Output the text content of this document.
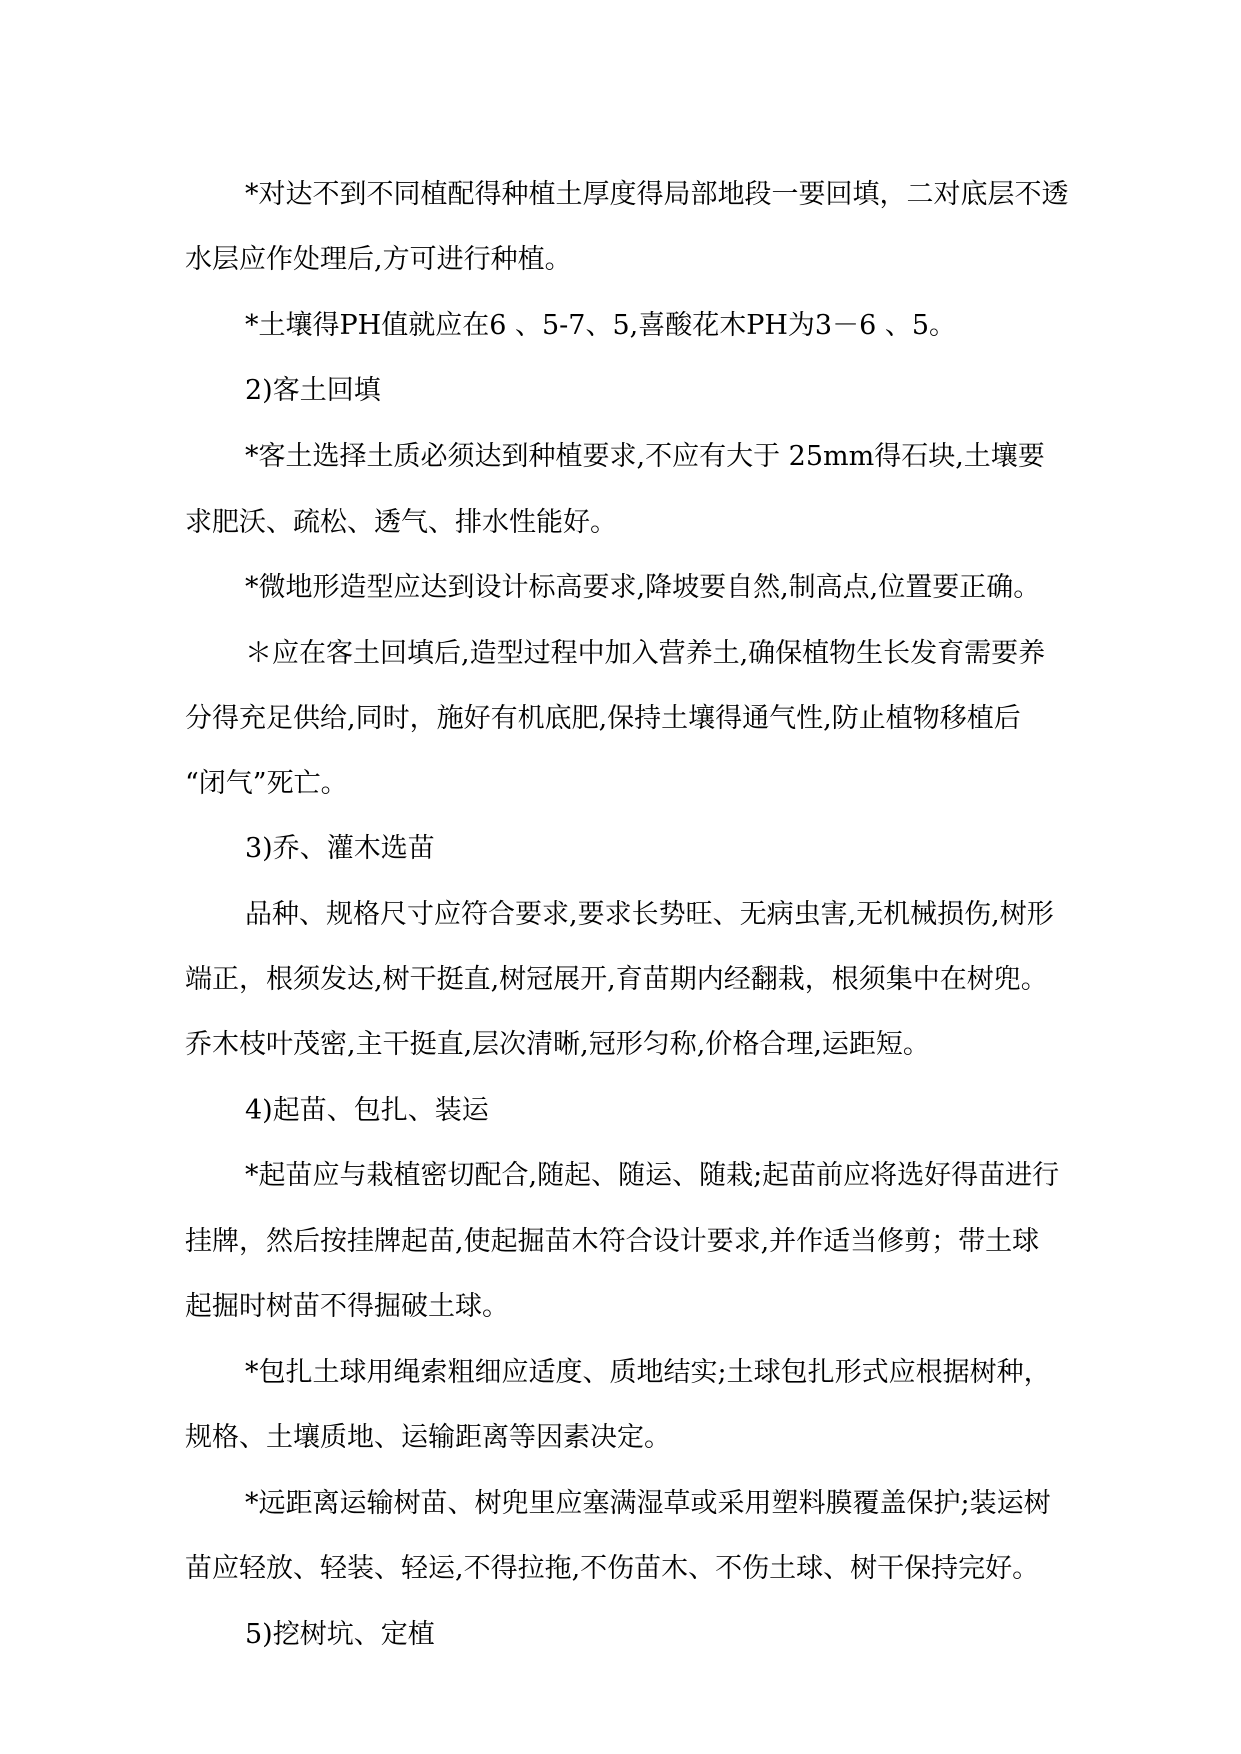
*对达不到不同植配得种植土厚度得局部地段一要回填，二对底层不透
水层应作处理后,方可进行种植。
*土壤得PH值就应在6 、5-7、5,喜酸花木PH为3－6 、5。
2)客土回填
*客土选择土质必须达到种植要求,不应有大于 25mm得石块,土壤要
求肥沃、疏松、透气、排水性能好。
*微地形造型应达到设计标高要求,降坡要自然,制高点,位置要正确。
＊应在客土回填后,造型过程中加入营养土,确保植物生长发育需要养
分得充足供给,同时，施好有机底肥,保持土壤得通气性,防止植物移植后
“闭气”死亡。
3)乔、灌木选苗
品种、规格尺寸应符合要求,要求长势旺、无病虫害,无机械损伤,树形
端正，根须发达,树干挺直,树冠展开,育苗期内经翻栽，根须集中在树兜。
乔木枝叶茂密,主干挺直,层次清晰,冠形匀称,价格合理,运距短。
4)起苗、包扎、装运
*起苗应与栽植密切配合,随起、随运、随栽;起苗前应将选好得苗进行
挂牌，然后按挂牌起苗,使起掘苗木符合设计要求,并作适当修剪；带土球
起掘时树苗不得掘破土球。
*包扎土球用绳索粗细应适度、质地结实;土球包扎形式应根据树种，
规格、土壤质地、运输距离等因素决定。
*远距离运输树苗、树兜里应塞满湿草或采用塑料膜覆盖保护;装运树
苗应轻放、轻装、轻运,不得拉拖,不伤苗木、不伤土球、树干保持完好。
5)挖树坑、定植
